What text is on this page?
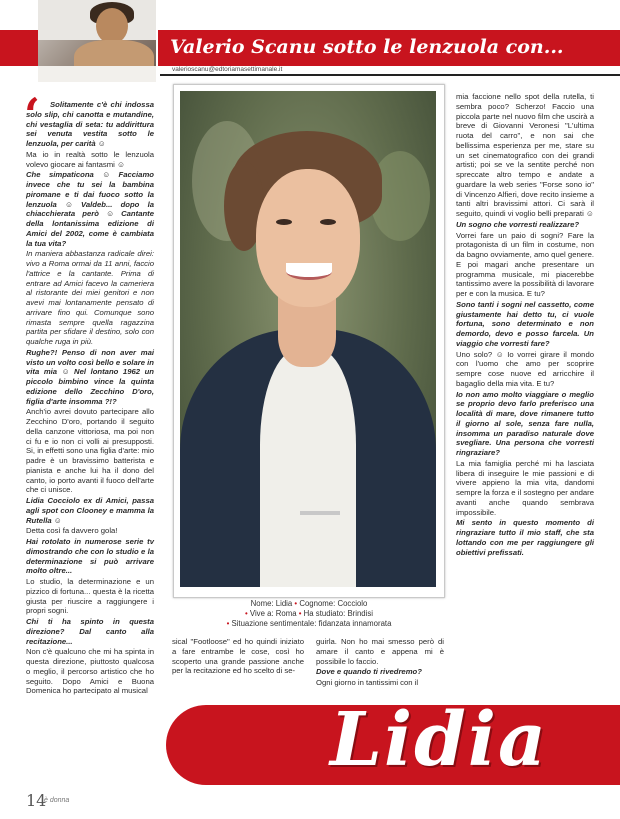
Valerio Scanu sotto le lenzuola con...
valerioscanu@edtoriamasettimanale.it
‘	Solitamente c'è chi indossa solo slip, chi canotta e mutandine, chi vestaglia di seta: tu addirittura sei venuta vestita sotto le lenzuola, per carità ☺

Ma io in realtà sotto le lenzuola volevo giocare ai fantasmi ☺

Che simpaticona ☺ Facciamo invece che tu sei la bambina piromane e ti dai fuoco sotto la lenzuola ☺ Valdeb... dopo la chiacchierata però ☺ Cantante della lontanissima edizione di Amici del 2002, come è cambiata la tua vita?

In maniera abbastanza radicale direi: vivo a Roma ormai da 11 anni, faccio l'attrice e la cantante. Prima di entrare ad Amici facevo la cameriera al ristorante dei miei genitori e non avevi mai lontanamente pensato di arrivare fino qui. Comunque sono rimasta sempre quella ragazzina partita per sfidare il destino, solo con qualche ruga in più.

Rughe?! Penso di non aver mai visto un volto così bello e solare in vita mia ☺ Nel lontano 1962 un piccolo bimbino vince la quinta edizione dello Zecchino D'oro, figlia d'arte insomma ?!?

Anch'io avrei dovuto partecipare allo Zecchino D'oro, portando il seguito della canzone vittoriosa, ma poi non ci fu e io non ci volli ai presupposti. Si, in effetti sono una figlia d'arte: mio padre è un bravissimo batterista e pianista e anche lui ha il dono del canto, io porto avanti il fuoco dell'arte che ci unisce.

Lidia Cocciolo ex di Amici, passa agli spot con Clooney e mamma la Rutella ☺

Detta così fa davvero gola!

Hai rotolato in numerose serie tv dimostrando che con lo studio e la determinazione si può arrivare molto oltre...

Lo studio, la determinazione e un pizzico di fortuna... questa è la ricetta giusta per riuscire a raggiungere i propri sogni.

Chi ti ha spinto in questa direzione? Dal canto alla recitazione...

Non c'è qualcuno che mi ha spinta in questa direzione, piuttosto qualcosa o meglio, il percorso artistico che ho seguito. Dopo Amici e Buona Domenica ho partecipato al musical

Nome: Lidia • Cognome: Cocciolo
• Vive a: Roma • Ha studiato: Brindisi
• Situazione sentimentale: fidanzata innamorata

mia faccione nello spot della rutella, ti sembra poco? Scherzo! Faccio una piccola parte nel nuovo film che uscirà a breve di Giovanni Veronesi "L'ultima ruota del carro", e non sai che bellissima esperienza per me, stare su un set cinematografico con dei grandi artisti; poi se ve la sentite perché non spreccate altro tempo e andate a guardare la web series "Forse sono io" di Vincenzo Alfieri, dove recito insieme a tanti altri bravissimi attori. Ci sarà il seguito, quindi vi voglio belli preparati ☺

Un sogno che vorresti realizzare?

Vorrei fare un paio di sogni? Fare la protagonista di un film in costume, non da bagno ovviamente, amo quel genere. E poi magari anche presentare un programma musicale, mi piacerebbe tantissimo avere la possibilità di lavorare per e con la musica. E tu?

Sono tanti i sogni nel cassetto, come giustamente hai detto tu, ci vuole fortuna, sono determinato e non demordo, devo e posso farcela. Un viaggio che vorresti fare?

Uno solo? ☺ Io vorrei girare il mondo con l'uomo che amo per scoprire sempre cose nuove ed arricchire il bagaglio della mia vita. E tu?

Io non amo molto viaggiare o meglio se proprio devo farlo preferisco una località di mare, dove rimanere tutto il giorno al sole, senza fare nulla, insomma un paradiso naturale dove svegliare. Una persona che vorresti ringraziare?

La mia famiglia perché mi ha lasciata libera di inseguire le mie passioni e di vivere appieno la mia vita, dandomi sempre la forza e il sostegno per andare avanti anche quando sembrava impossibile.

Mi sento in questo momento di ringraziare tutto il mio staff, che sta lottando con me per raggiungere gli obiettivi prefissati.

sical "Footloose" ed ho quindi iniziato a fare entrambe le cose, così ho scoperto una grande passione anche per la recitazione ed ho scelto di se-

guirla. Non ho mai smesso però di amare il canto e appena mi è possibile lo faccio.

Dove e quando ti rivedremo?

Ogni giorno in tantissimi con il

Lidia
14
è donna
